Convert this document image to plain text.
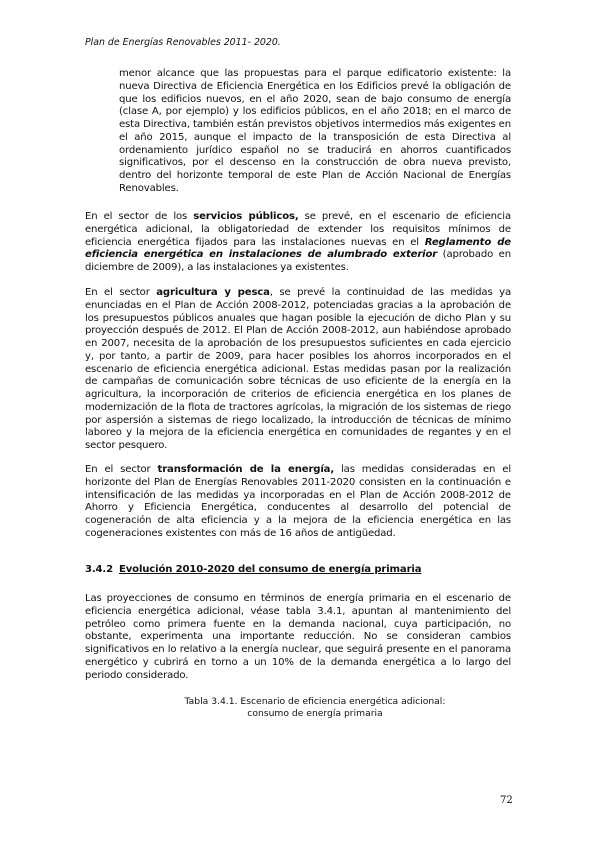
Plan de Energías Renovables 2011- 2020.

menor alcance que las propuestas para el parque edificatorio existente: la nueva Directiva de Eficiencia Energética en los Edificios prevé la obligación de que los edificios nuevos, en el año 2020, sean de bajo consumo de energía (clase A, por ejemplo) y los edificios públicos, en el año 2018; en el marco de esta Directiva, también están previstos objetivos intermedios más exigentes en el año 2015, aunque el impacto de la transposición de esta Directiva al ordenamiento jurídico español no se traducirá en ahorros cuantificados significativos, por el descenso en la construcción de obra nueva previsto, dentro del horizonte temporal de este Plan de Acción Nacional de Energías Renovables.

En el sector de los servicios públicos, se prevé, en el escenario de eficiencia energética adicional, la obligatoriedad de extender los requisitos mínimos de eficiencia energética fijados para las instalaciones nuevas en el Reglamento de eficiencia energética en instalaciones de alumbrado exterior (aprobado en diciembre de 2009), a las instalaciones ya existentes.

En el sector agricultura y pesca, se prevé la continuidad de las medidas ya enunciadas en el Plan de Acción 2008-2012, potenciadas gracias a la aprobación de los presupuestos públicos anuales que hagan posible la ejecución de dicho Plan y su proyección después de 2012. El Plan de Acción 2008-2012, aun habiéndose aprobado en 2007, necesita de la aprobación de los presupuestos suficientes en cada ejercicio y, por tanto, a partir de 2009, para hacer posibles los ahorros incorporados en el escenario de eficiencia energética adicional. Estas medidas pasan por la realización de campañas de comunicación sobre técnicas de uso eficiente de la energía en la agricultura, la incorporación de criterios de eficiencia energética en los planes de modernización de la flota de tractores agrícolas, la migración de los sistemas de riego por aspersión a sistemas de riego localizado, la introducción de técnicas de mínimo laboreo y la mejora de la eficiencia energética en comunidades de regantes y en el sector pesquero.

En el sector transformación de la energía, las medidas consideradas en el horizonte del Plan de Energías Renovables 2011-2020 consisten en la continuación e intensificación de las medidas ya incorporadas en el Plan de Acción 2008-2012 de Ahorro y Eficiencia Energética, conducentes al desarrollo del potencial de cogeneración de alta eficiencia y a la mejora de la eficiencia energética en las cogeneraciones existentes con más de 16 años de antigüedad.

3.4.2 Evolución 2010-2020 del consumo de energía primaria

Las proyecciones de consumo en términos de energía primaria en el escenario de eficiencia energética adicional, véase tabla 3.4.1, apuntan al mantenimiento del petróleo como primera fuente en la demanda nacional, cuya participación, no obstante, experimenta una importante reducción. No se consideran cambios significativos en lo relativo a la energía nuclear, que seguirá presente en el panorama energético y cubrirá en torno a un 10% de la demanda energética a lo largo del periodo considerado.

Tabla 3.4.1. Escenario de eficiencia energética adicional:
consumo de energía primaria

72
